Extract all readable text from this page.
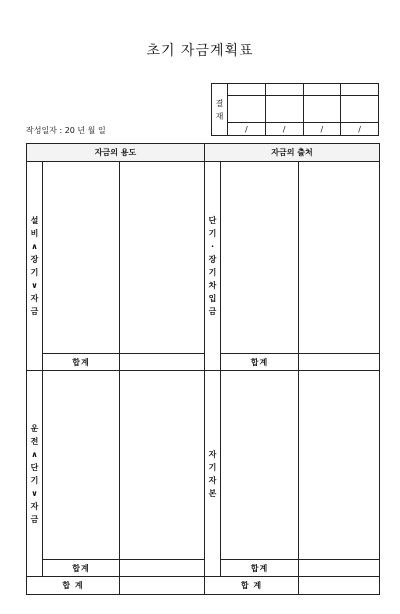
초기 자금계획표
결재				

	/	/	/	/
작성일자 : 20 년 월 일
자금의 용도			자금의 출처		

설비∧장기∨자금			단기·장기차입금		

	합계			합계	

운전∧단기∨자금			자기자본		

	합계			합계	
합 계			합 계		
